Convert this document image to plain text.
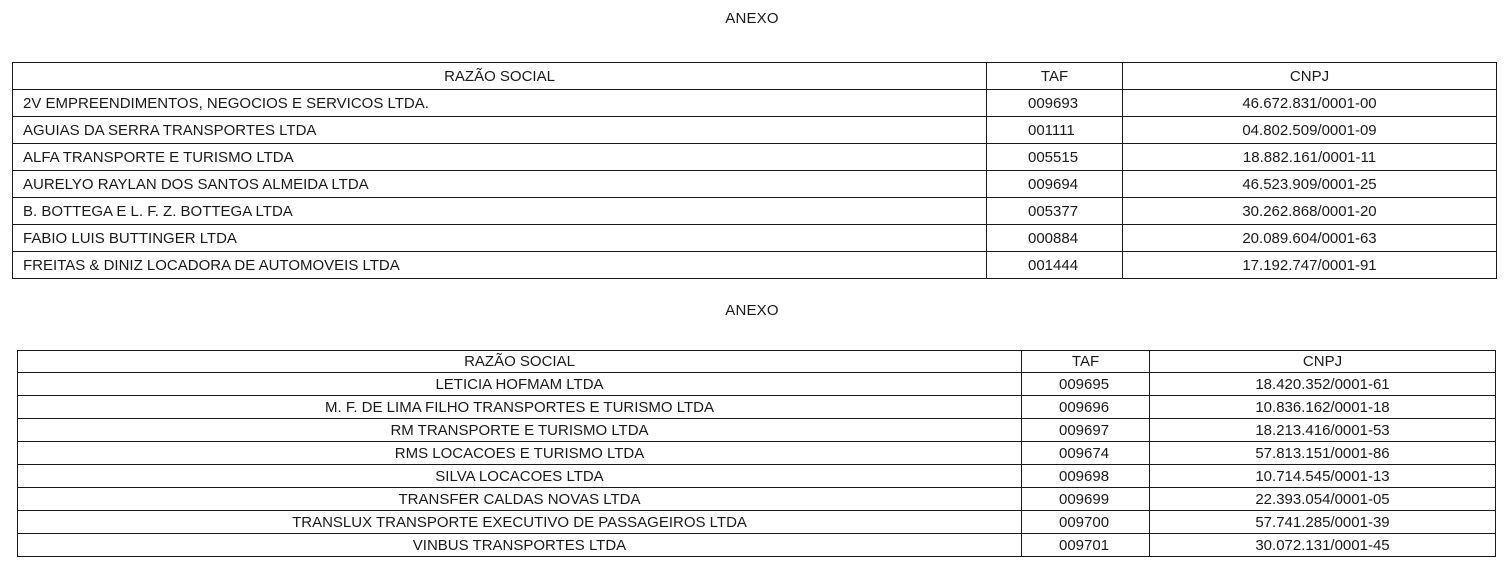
ANEXO
RAZÃO SOCIAL	TAF	CNPJ
2V EMPREENDIMENTOS, NEGOCIOS E SERVICOS LTDA.	009693	46.672.831/0001-00
AGUIAS DA SERRA TRANSPORTES LTDA	001111	04.802.509/0001-09
ALFA TRANSPORTE E TURISMO LTDA	005515	18.882.161/0001-11
AURELYO RAYLAN DOS SANTOS ALMEIDA LTDA	009694	46.523.909/0001-25
B. BOTTEGA E L. F. Z. BOTTEGA LTDA	005377	30.262.868/0001-20
FABIO LUIS BUTTINGER LTDA	000884	20.089.604/0001-63
FREITAS & DINIZ LOCADORA DE AUTOMOVEIS LTDA	001444	17.192.747/0001-91
ANEXO
RAZÃO SOCIAL	TAF	CNPJ
LETICIA HOFMAM LTDA	009695	18.420.352/0001-61
M. F. DE LIMA FILHO TRANSPORTES E TURISMO LTDA	009696	10.836.162/0001-18
RM TRANSPORTE E TURISMO LTDA	009697	18.213.416/0001-53
RMS LOCACOES E TURISMO LTDA	009674	57.813.151/0001-86
SILVA LOCACOES LTDA	009698	10.714.545/0001-13
TRANSFER CALDAS NOVAS LTDA	009699	22.393.054/0001-05
TRANSLUX TRANSPORTE EXECUTIVO DE PASSAGEIROS LTDA	009700	57.741.285/0001-39
VINBUS TRANSPORTES LTDA	009701	30.072.131/0001-45
